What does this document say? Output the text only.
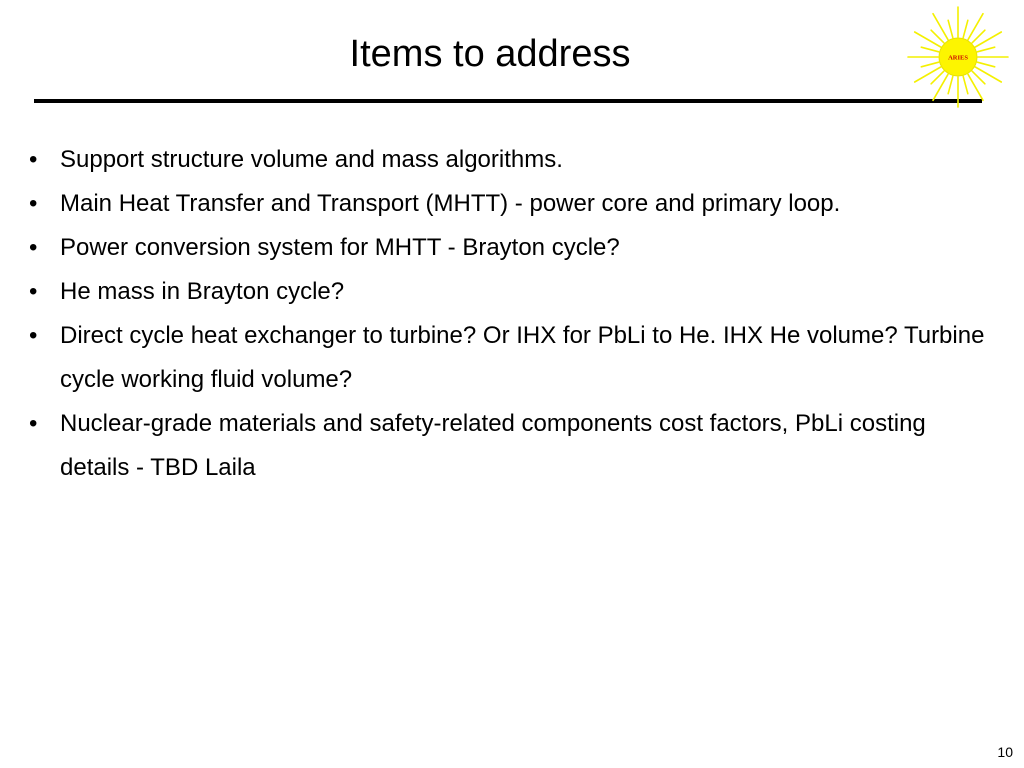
Items to address	ARIES
• Support structure volume and mass algorithms.
• Main Heat Transfer and Transport (MHTT) - power core and primary loop.
• Power conversion system for MHTT - Brayton cycle?
• He mass in Brayton cycle?
• Direct cycle heat exchanger to turbine? Or IHX for PbLi to He. IHX He volume? Turbine cycle working fluid volume?
• Nuclear-grade materials and safety-related components cost factors, PbLi costing details - TBD Laila
10
